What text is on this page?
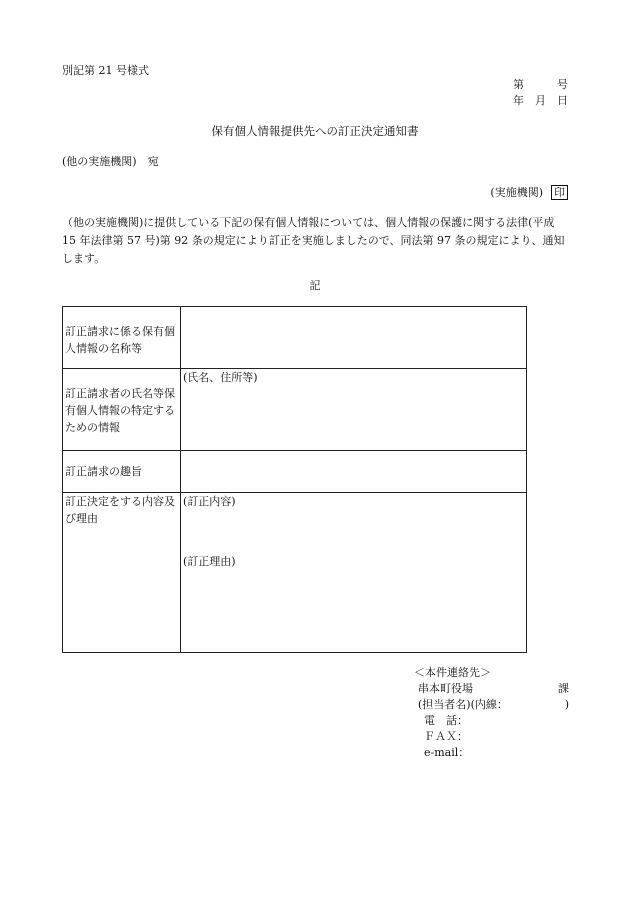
別記第 21 号様式
第　　　号
年　月　日
保有個人情報提供先への訂正決定通知書
(他の実施機関)　宛
(実施機関) 印
（他の実施機関)に提供している下記の保有個人情報については、個人情報の保護に関する法律(平成 15 年法律第 57 号)第 92 条の規定により訂正を実施しましたので、同法第 97 条の規定により、通知します。
記
訂正請求に係る保有個人情報の名称等	
訂正請求者の氏名等保有個人情報の特定するための情報	(氏名、住所等)
訂正請求の趣旨	
訂正決定をする内容及び理由	(訂正内容)
(訂正理由)
＜本件連絡先＞
串本町役場	課
(担当者名)(内線：	)
電　話：
ＦＡＸ：
e-mail：
